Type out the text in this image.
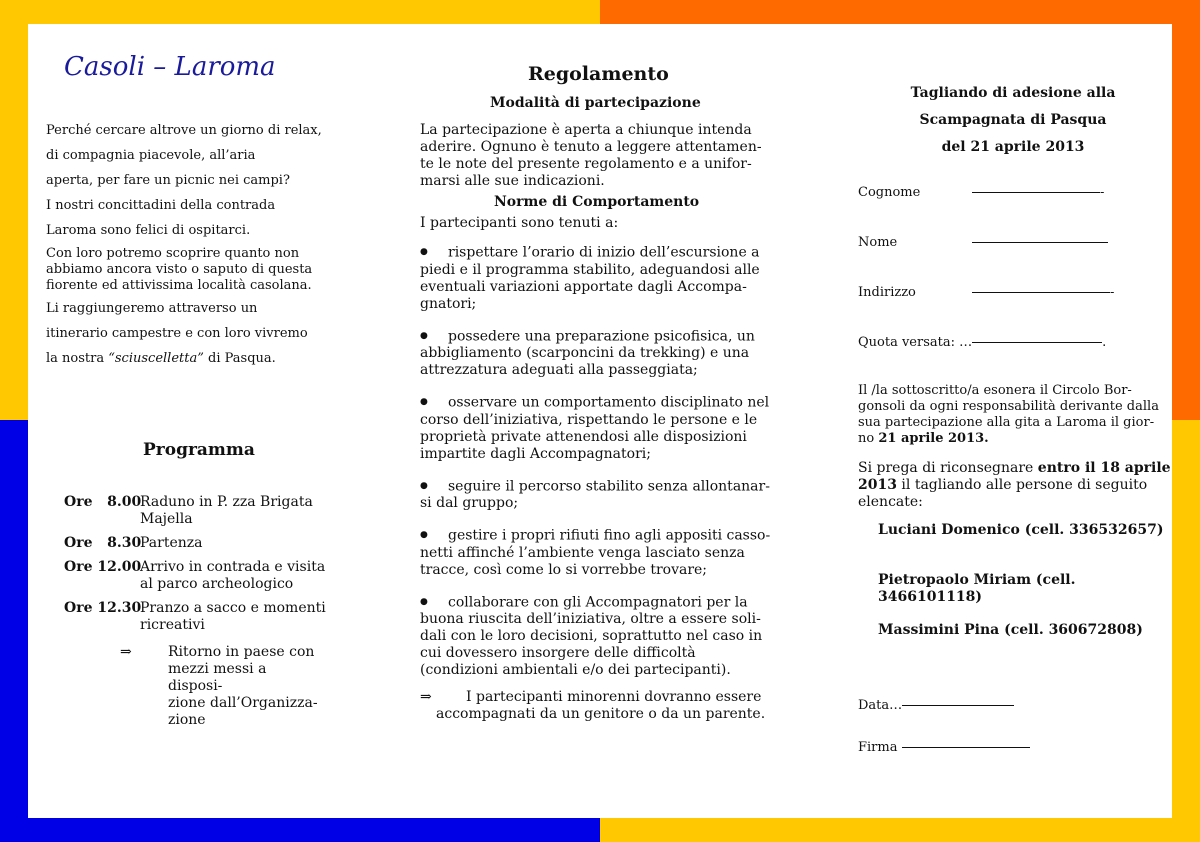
Casoli – Laroma
Perché cercare altrove un giorno di relax,
di compagnia piacevole, all’aria
aperta, per fare un picnic nei campi?
I nostri concittadini della contrada
Laroma sono felici di ospitarci.
Con loro potremo scoprire quanto non
abbiamo ancora visto o saputo di questa
fiorente ed attivissima località casolana.
Li raggiungeremo attraverso un
itinerario campestre e con loro vivremo
la nostra “sciuscelletta” di Pasqua.
Programma
Ore   8.00
Raduno in P. zza Brigata
Majella
Ore   8.30
Partenza
Ore 12.00
Arrivo in contrada e visita
al parco archeologico
Ore 12.30
Pranzo a sacco e momenti
ricreativi
⇒	Ritorno in paese con
mezzi messi a disposi-
zione dall’Organizza-
zione
Regolamento
Modalità di partecipazione
La partecipazione è aperta a chiunque intenda
aderire. Ognuno è tenuto a leggere attentamen-
te le note del presente regolamento e a unifor-
marsi alle sue indicazioni.
Norme di Comportamento
I partecipanti sono tenuti a:
● rispettare l’orario di inizio dell’escursione a
piedi e il programma stabilito, adeguandosi alle
eventuali variazioni apportate dagli Accompa-
gnatori;
● possedere una preparazione psicofisica, un
abbigliamento (scarponcini da trekking) e una
attrezzatura adeguati alla passeggiata;
● osservare un comportamento disciplinato nel
corso dell’iniziativa, rispettando le persone e le
proprietà private attenendosi alle disposizioni
impartite dagli Accompagnatori;
● seguire il percorso stabilito senza allontanar-
si dal gruppo;
● gestire i propri rifiuti fino agli appositi casso-
netti affinché l’ambiente venga lasciato senza
tracce, così come lo si vorrebbe trovare;
● collaborare con gli Accompagnatori per la
buona riuscita dell’iniziativa, oltre a essere soli-
dali con le loro decisioni, soprattutto nel caso in
cui dovessero insorgere delle difficoltà
(condizioni ambientali e/o dei partecipanti).
⇒ I partecipanti minorenni dovranno essere
accompagnati da un genitore o da un parente.
Tagliando di adesione alla
Scampagnata di Pasqua
del 21 aprile 2013
Cognome	-
Nome
Indirizzo	-
Quota versata: …	.
Il /la sottoscritto/a esonera il Circolo Bor-
gonsoli da ogni responsabilità derivante dalla
sua partecipazione alla gita a Laroma il gior-
no 21 aprile 2013.
Si prega di riconsegnare entro il 18 aprile
2013 il tagliando alle persone di seguito
elencate:
Luciani Domenico (cell. 336532657)
Pietropaolo Miriam (cell. 3466101118)
Massimini Pina (cell. 360672808)
Data…
Firma
